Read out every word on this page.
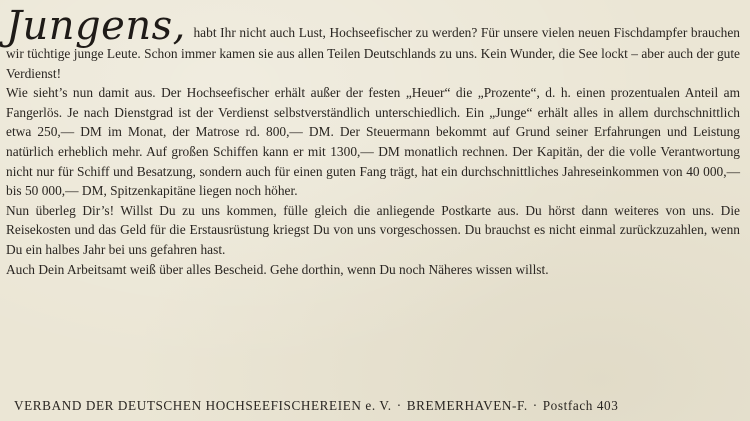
Jungens, habt Ihr nicht auch Lust, Hochseefischer zu werden? Für unsere vielen neuen Fischdampfer brauchen wir tüchtige junge Leute. Schon immer kamen sie aus allen Teilen Deutschlands zu uns. Kein Wunder, die See lockt – aber auch der gute Verdienst!

Wie sieht’s nun damit aus. Der Hochseefischer erhält außer der festen „Heuer“ die „Prozente“, d. h. einen prozentualen Anteil am Fangerlös. Je nach Dienstgrad ist der Verdienst selbstverständlich unterschiedlich. Ein „Junge“ erhält alles in allem durchschnittlich etwa 250,— DM im Monat, der Matrose rd. 800,— DM. Der Steuermann bekommt auf Grund seiner Erfahrungen und Leistung natürlich erheblich mehr. Auf großen Schiffen kann er mit 1300,— DM monatlich rechnen. Der Kapitän, der die volle Verantwortung nicht nur für Schiff und Besatzung, sondern auch für einen guten Fang trägt, hat ein durchschnittliches Jahreseinkommen von 40 000,— bis 50 000,— DM, Spitzenkapitäne liegen noch höher.

Nun überleg Dir’s! Willst Du zu uns kommen, fülle gleich die anliegende Postkarte aus. Du hörst dann weiteres von uns. Die Reisekosten und das Geld für die Erstausrüstung kriegst Du von uns vorgeschossen. Du brauchst es nicht einmal zurückzuzahlen, wenn Du ein halbes Jahr bei uns gefahren hast.

Auch Dein Arbeitsamt weiß über alles Bescheid. Gehe dorthin, wenn Du noch Näheres wissen willst.

VERBAND DER DEUTSCHEN HOCHSEEFISCHEREIEN e. V. · BREMERHAVEN-F. · Postfach 403
